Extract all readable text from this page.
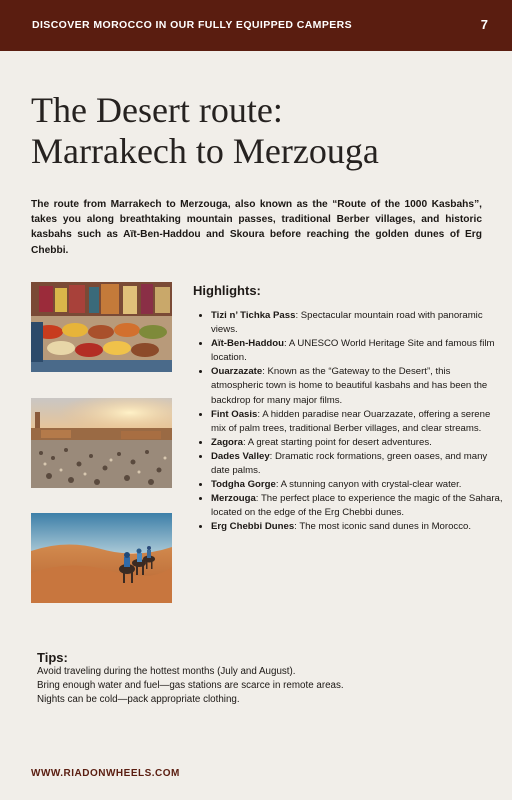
DISCOVER MOROCCO IN OUR FULLY EQUIPPED CAMPERS	7
The Desert route:
Marrakech to Merzouga

The route from Marrakech to Merzouga, also known as the “Route of the 1000 Kasbahs”, takes you along breathtaking mountain passes, traditional Berber villages, and historic kasbahs such as Aït-Ben-Haddou and Skoura before reaching the golden dunes of Erg Chebbi.

Highlights:
• Tizi n’ Tichka Pass: Spectacular mountain road with panoramic views.
• Aït-Ben-Haddou: A UNESCO World Heritage Site and famous film location.
• Ouarzazate: Known as the “Gateway to the Desert”, this atmospheric town is home to beautiful kasbahs and has been the backdrop for many major films.
• Fint Oasis: A hidden paradise near Ouarzazate, offering a serene mix of palm trees, traditional Berber villages, and clear streams.
• Zagora: A great starting point for desert adventures.
• Dades Valley: Dramatic rock formations, green oases, and many date palms.
• Todgha Gorge: A stunning canyon with crystal-clear water.
• Merzouga: The perfect place to experience the magic of the Sahara, located on the edge of the Erg Chebbi dunes.
• Erg Chebbi Dunes: The most iconic sand dunes in Morocco.
Tips:
Avoid traveling during the hottest months (July and August).
Bring enough water and fuel—gas stations are scarce in remote areas.
Nights can be cold—pack appropriate clothing.
WWW.RIADONWHEELS.COM
